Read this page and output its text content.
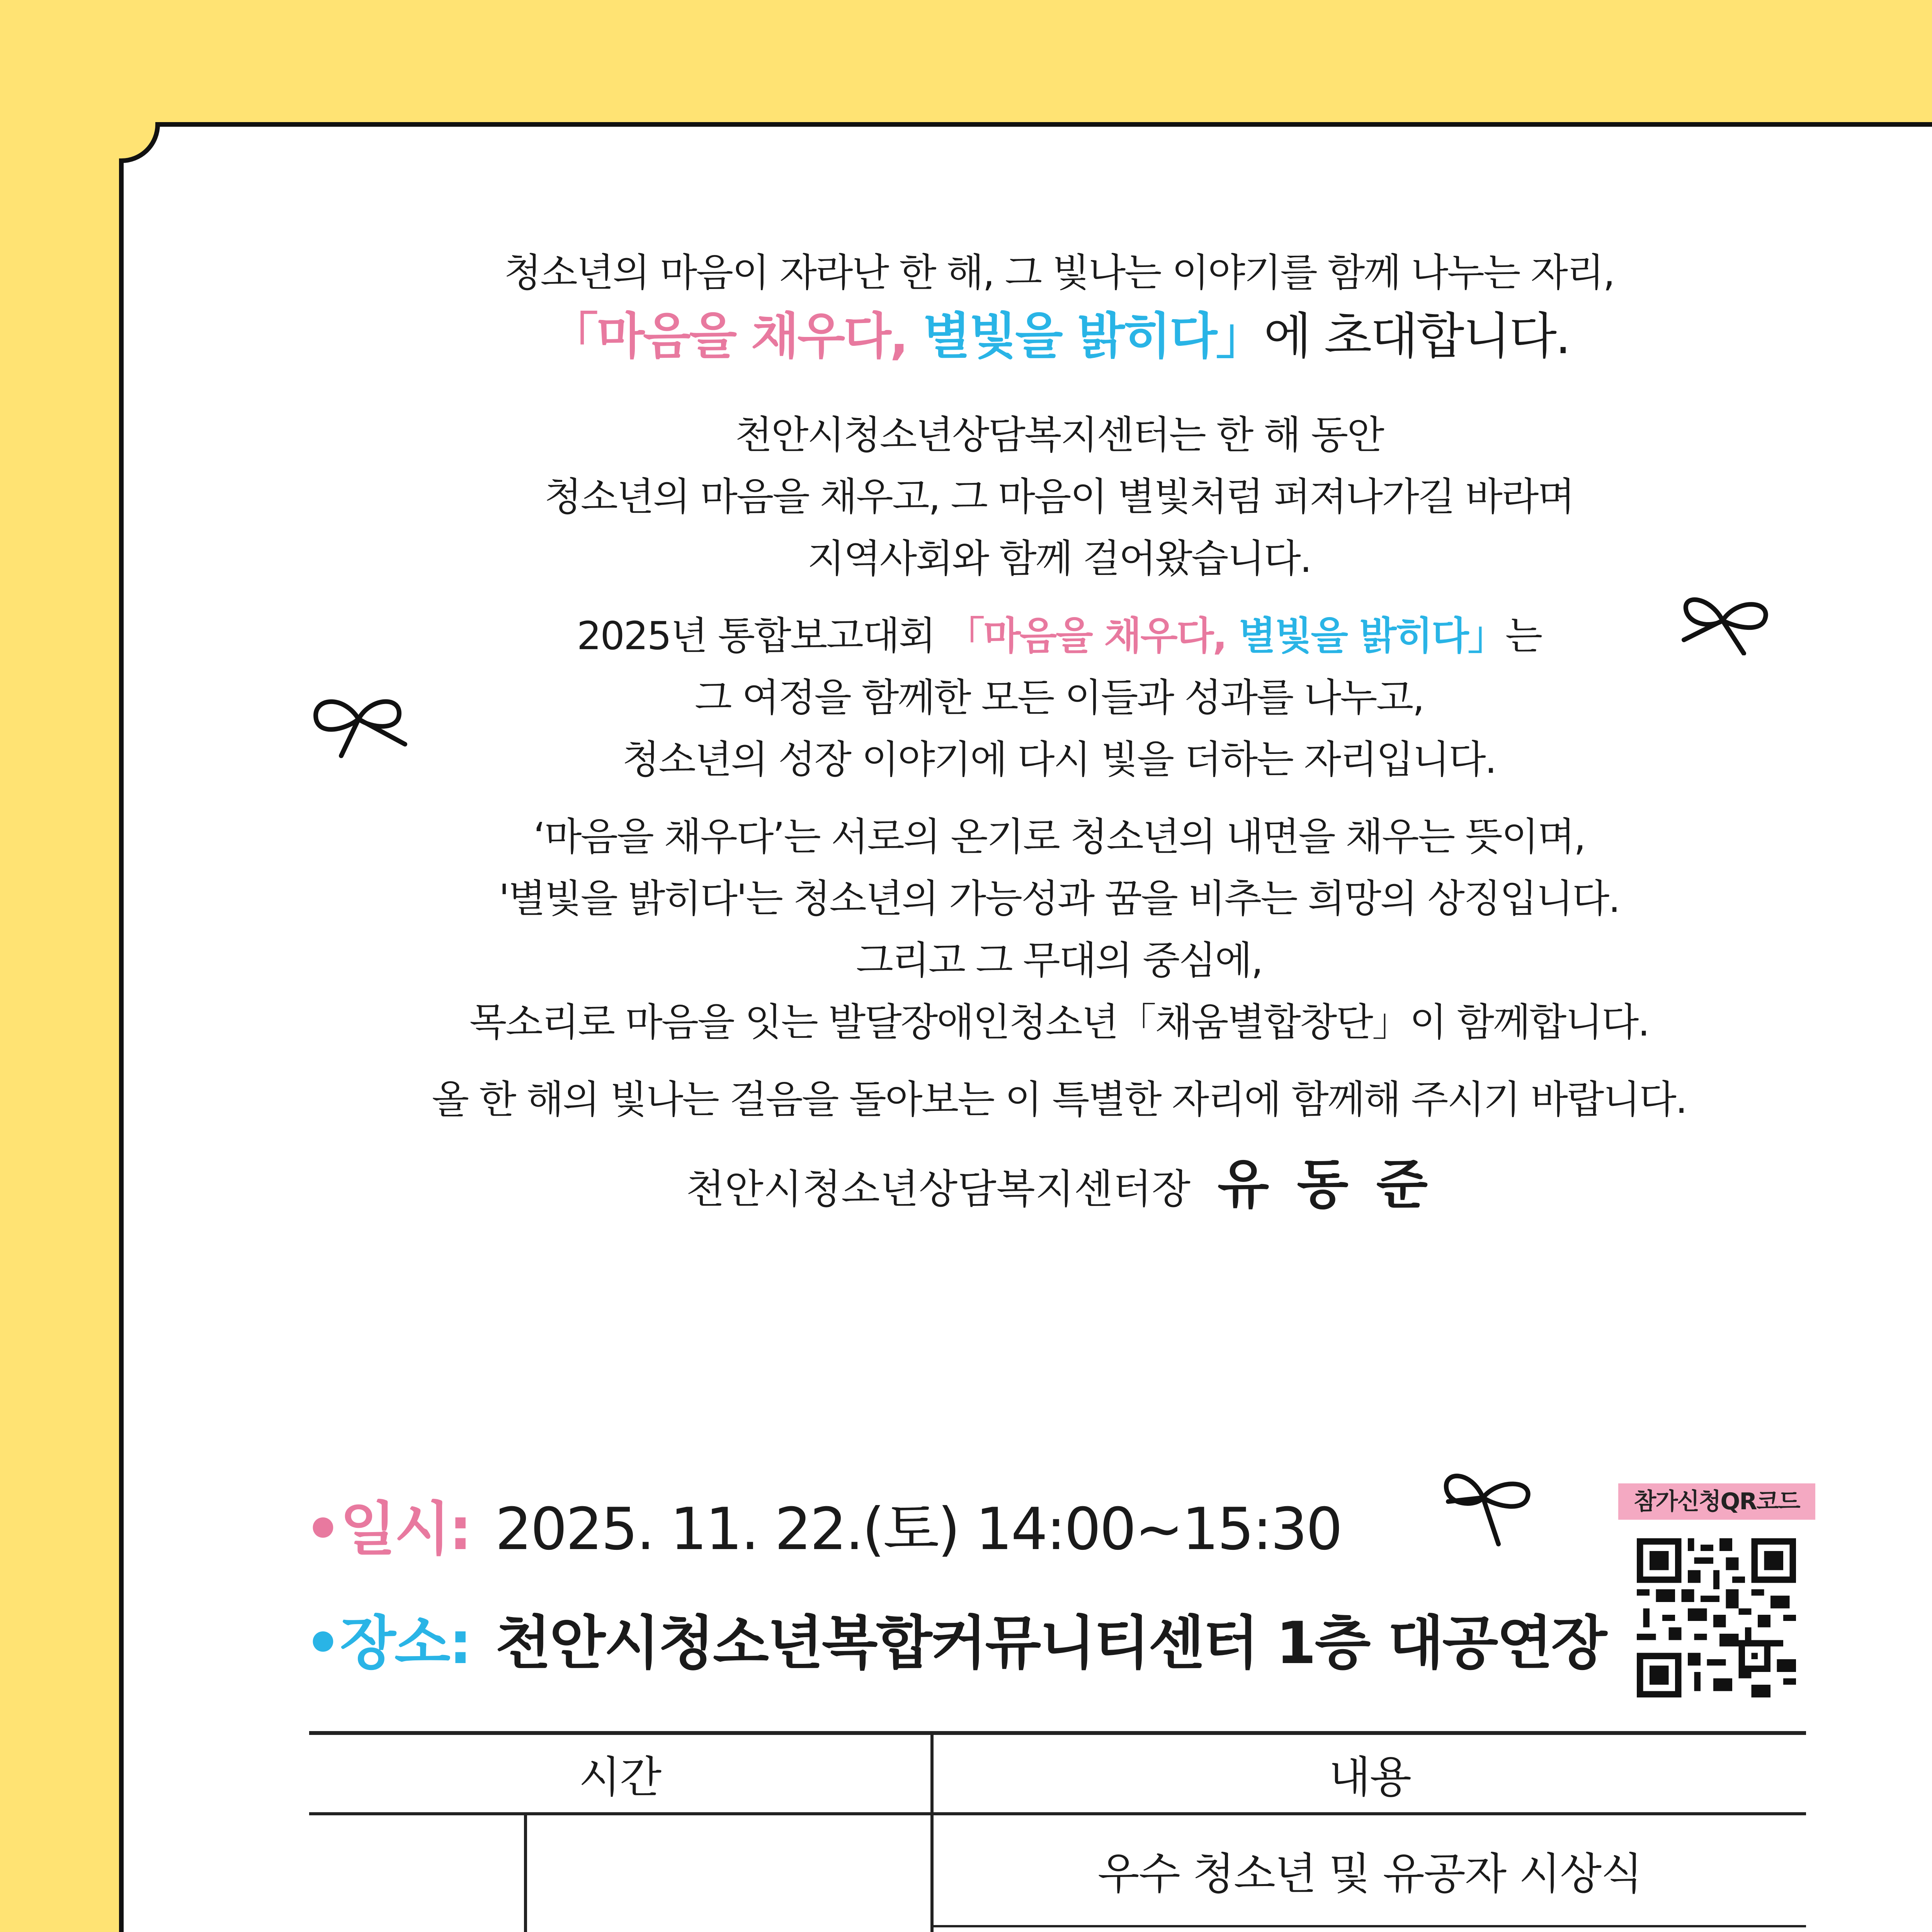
청소년의 마음이 자라난 한 해, 그 빛나는 이야기를 함께 나누는 자리,
「마음을 채우다, 별빛을 밝히다」에 초대합니다.
천안시청소년상담복지센터는 한 해 동안
청소년의 마음을 채우고, 그 마음이 별빛처럼 퍼져나가길 바라며
지역사회와 함께 걸어왔습니다.
2025년 통합보고대회 「마음을 채우다, 별빛을 밝히다」는
그 여정을 함께한 모든 이들과 성과를 나누고,
청소년의 성장 이야기에 다시 빛을 더하는 자리입니다.
‘마음을 채우다’는 서로의 온기로 청소년의 내면을 채우는 뜻이며,
'별빛을 밝히다'는 청소년의 가능성과 꿈을 비추는 희망의 상징입니다.
그리고 그 무대의 중심에,
목소리로 마음을 잇는 발달장애인청소년「채움별합창단」이 함께합니다.
올 한 해의 빛나는 걸음을 돌아보는 이 특별한 자리에 함께해 주시기 바랍니다.
천안시청소년상담복지센터장 유 동 준
•일시: 2025. 11. 22.(토) 14:00~15:30
•장소: 천안시청소년복합커뮤니티센터 1층 대공연장
참가신청QR코드
시간	내용
우수 청소년 및 유공자 시상식
